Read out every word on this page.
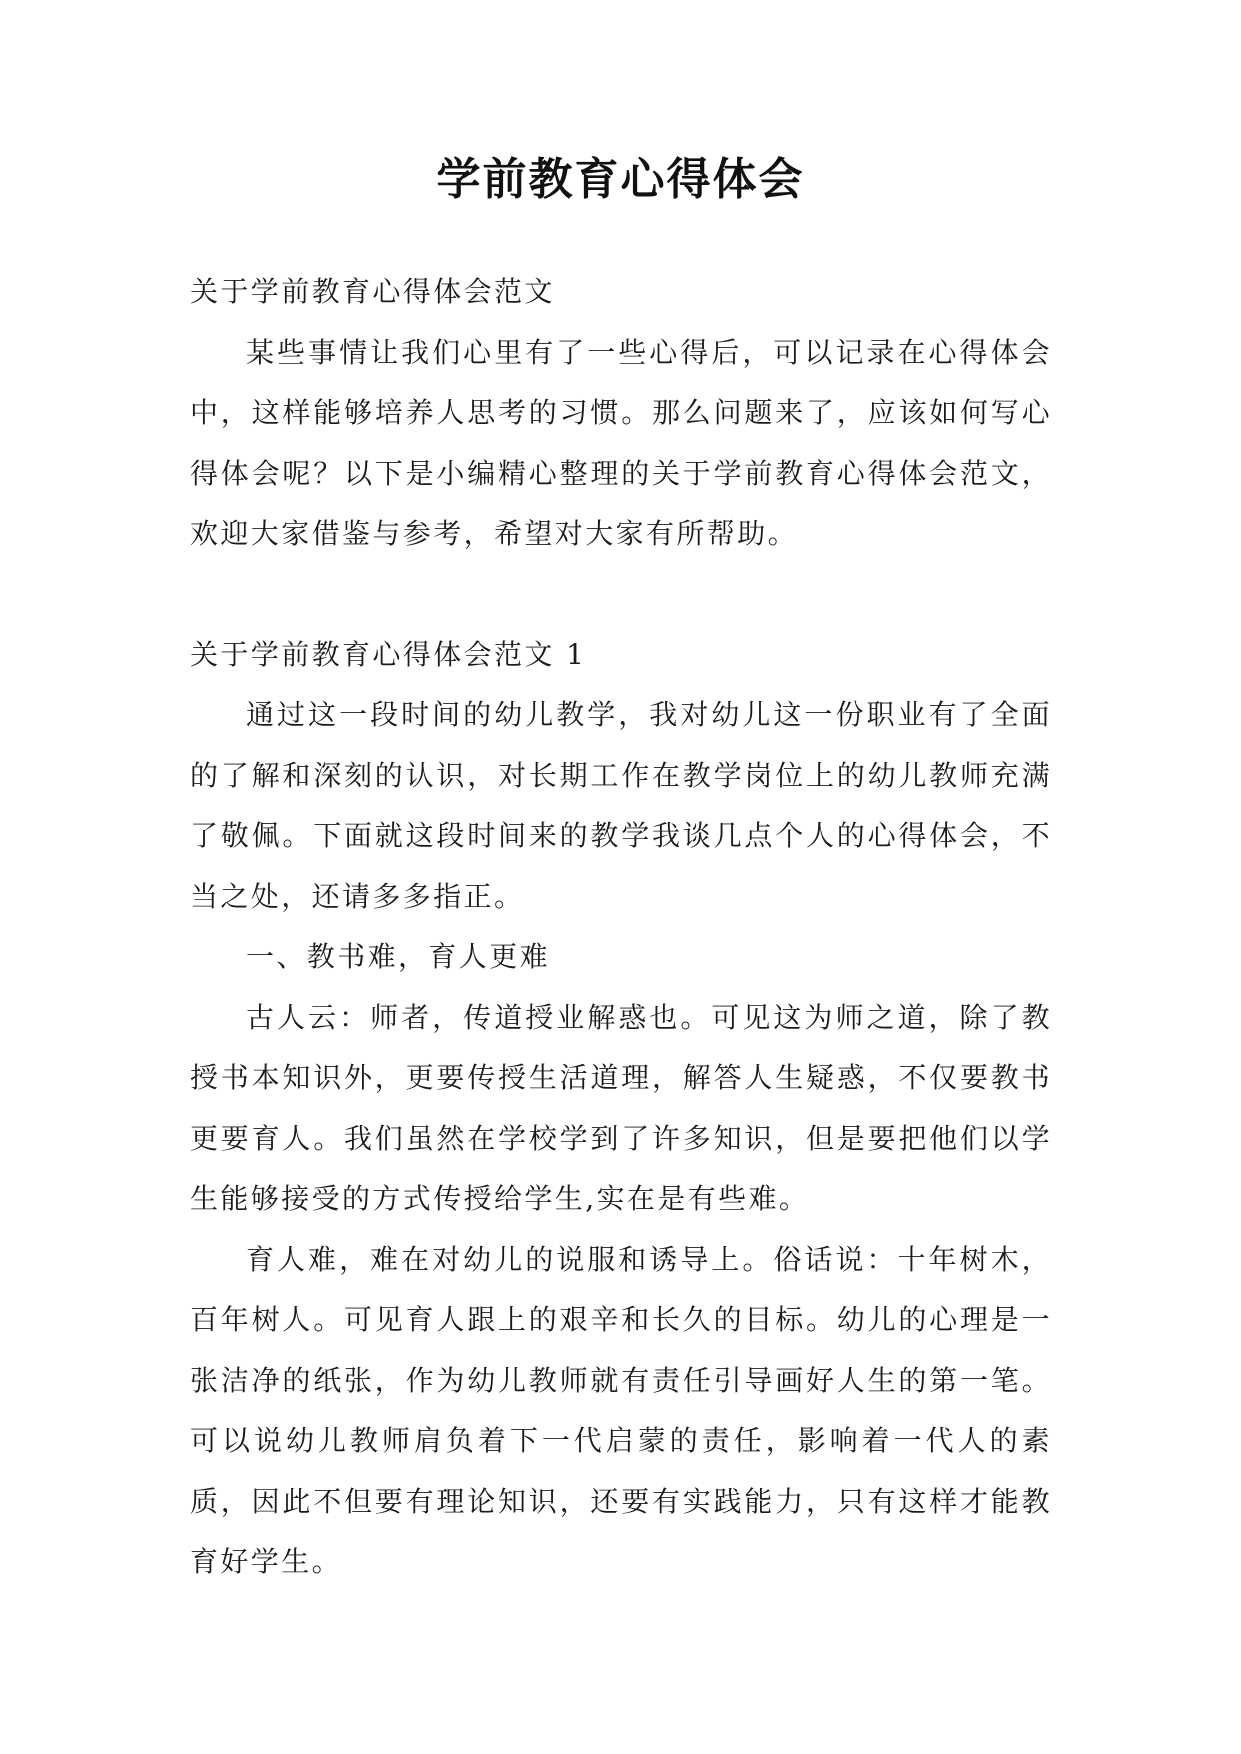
学前教育心得体会

关于学前教育心得体会范文

某些事情让我们心里有了一些心得后，可以记录在心得体会中，这样能够培养人思考的习惯。那么问题来了，应该如何写心得体会呢？以下是小编精心整理的关于学前教育心得体会范文，欢迎大家借鉴与参考，希望对大家有所帮助。

关于学前教育心得体会范文 1

通过这一段时间的幼儿教学，我对幼儿这一份职业有了全面的了解和深刻的认识，对长期工作在教学岗位上的幼儿教师充满了敬佩。下面就这段时间来的教学我谈几点个人的心得体会，不当之处，还请多多指正。

一、教书难，育人更难

古人云：师者，传道授业解惑也。可见这为师之道，除了教授书本知识外，更要传授生活道理，解答人生疑惑，不仅要教书更要育人。我们虽然在学校学到了许多知识，但是要把他们以学生能够接受的方式传授给学生,实在是有些难。

育人难，难在对幼儿的说服和诱导上。俗话说：十年树木，百年树人。可见育人跟上的艰辛和长久的目标。幼儿的心理是一张洁净的纸张，作为幼儿教师就有责任引导画好人生的第一笔。可以说幼儿教师肩负着下一代启蒙的责任，影响着一代人的素质，因此不但要有理论知识，还要有实践能力，只有这样才能教育好学生。
